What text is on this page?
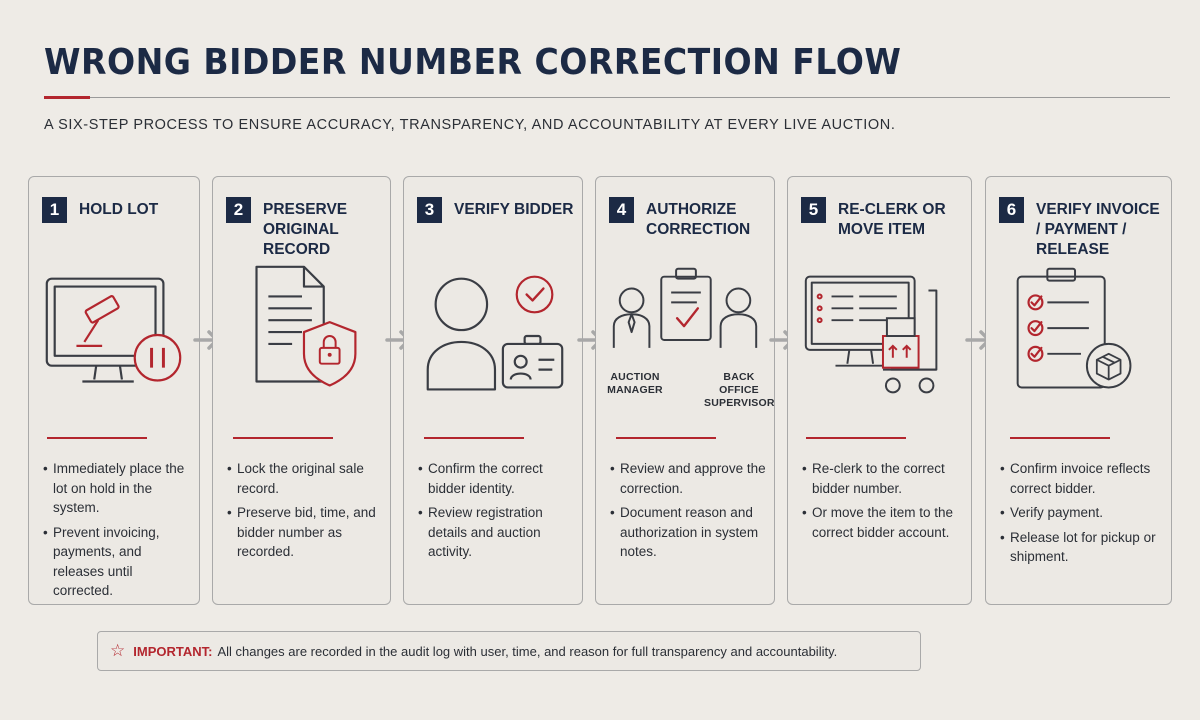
WRONG BIDDER NUMBER CORRECTION FLOW
A SIX-STEP PROCESS TO ENSURE ACCURACY, TRANSPARENCY, AND ACCOUNTABILITY AT EVERY LIVE AUCTION.
1	HOLD LOT
• Immediately place the lot on hold in the system.
• Prevent invoicing, payments, and releases until corrected.
2	PRESERVE ORIGINAL RECORD
• Lock the original sale record.
• Preserve bid, time, and bidder number as recorded.
3	VERIFY BIDDER
• Confirm the correct bidder identity.
• Review registration details and auction activity.
4	AUTHORIZE CORRECTION
AUCTION MANAGER
BACK OFFICE SUPERVISOR
• Review and approve the correction.
• Document reason and authorization in system notes.
5	RE-CLERK OR MOVE ITEM
• Re-clerk to the correct bidder number.
• Or move the item to the correct bidder account.
6	VERIFY INVOICE / PAYMENT / RELEASE
• Confirm invoice reflects correct bidder.
• Verify payment.
• Release lot for pickup or shipment.
☆ IMPORTANT: All changes are recorded in the audit log with user, time, and reason for full transparency and accountability.
